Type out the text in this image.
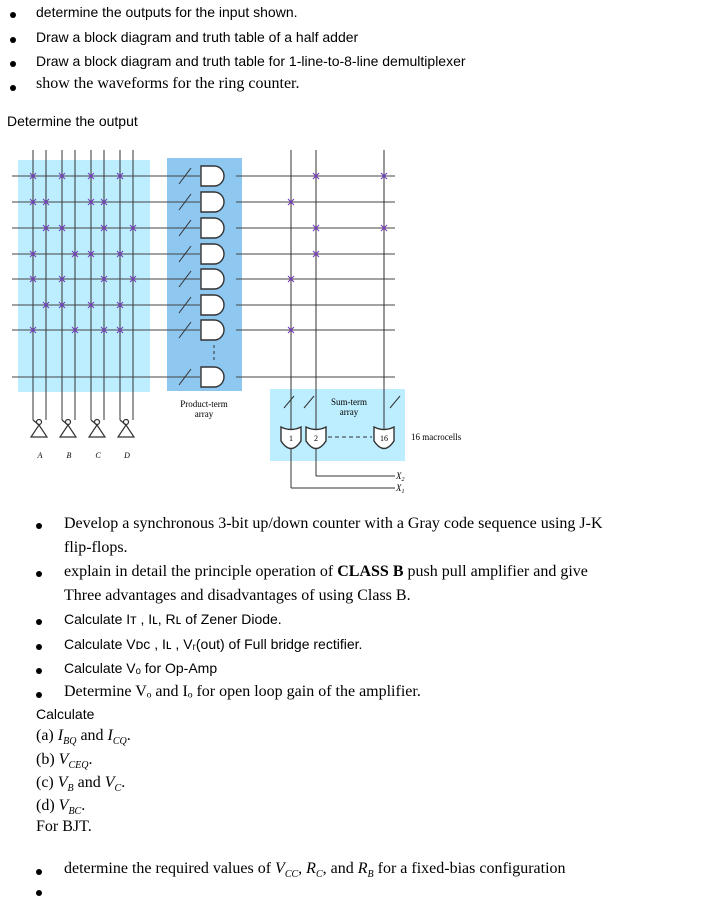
determine the outputs for the input shown.
Draw a block diagram and truth table of a half adder
Draw a block diagram and truth table for 1-line-to-8-line demultiplexer
show the waveforms for the ring counter.
Determine the output
Product-term
array
Sum-term
array
16 macrocells
1	2	16
A	B	C	D
$X_2$
$X_1$
Develop a synchronous 3-bit up/down counter with a Gray code sequence using J-K
flip-flops.
explain in detail the principle operation of CLASS B push pull amplifier and give
Three advantages and disadvantages of using Class B.
Calculate Iᴛ , Iʟ, Rʟ of Zener Diode.
Calculate Vᴅᴄ , Iʟ , Vᵣ(out) of Full bridge rectifier.
Calculate Vₒ for Op-Amp
Determine Vₒ and Iₒ for open loop gain of the amplifier.
Calculate
(a) $I_{BQ}$ and $I_{CQ}$.
(b) $V_{CEQ}$.
(c) $V_B$ and $V_C$.
(d) $V_{BC}$.
For BJT.
determine the required values of $V_{CC}$, $R_C$, and $R_B$ for a fixed-bias configuration
